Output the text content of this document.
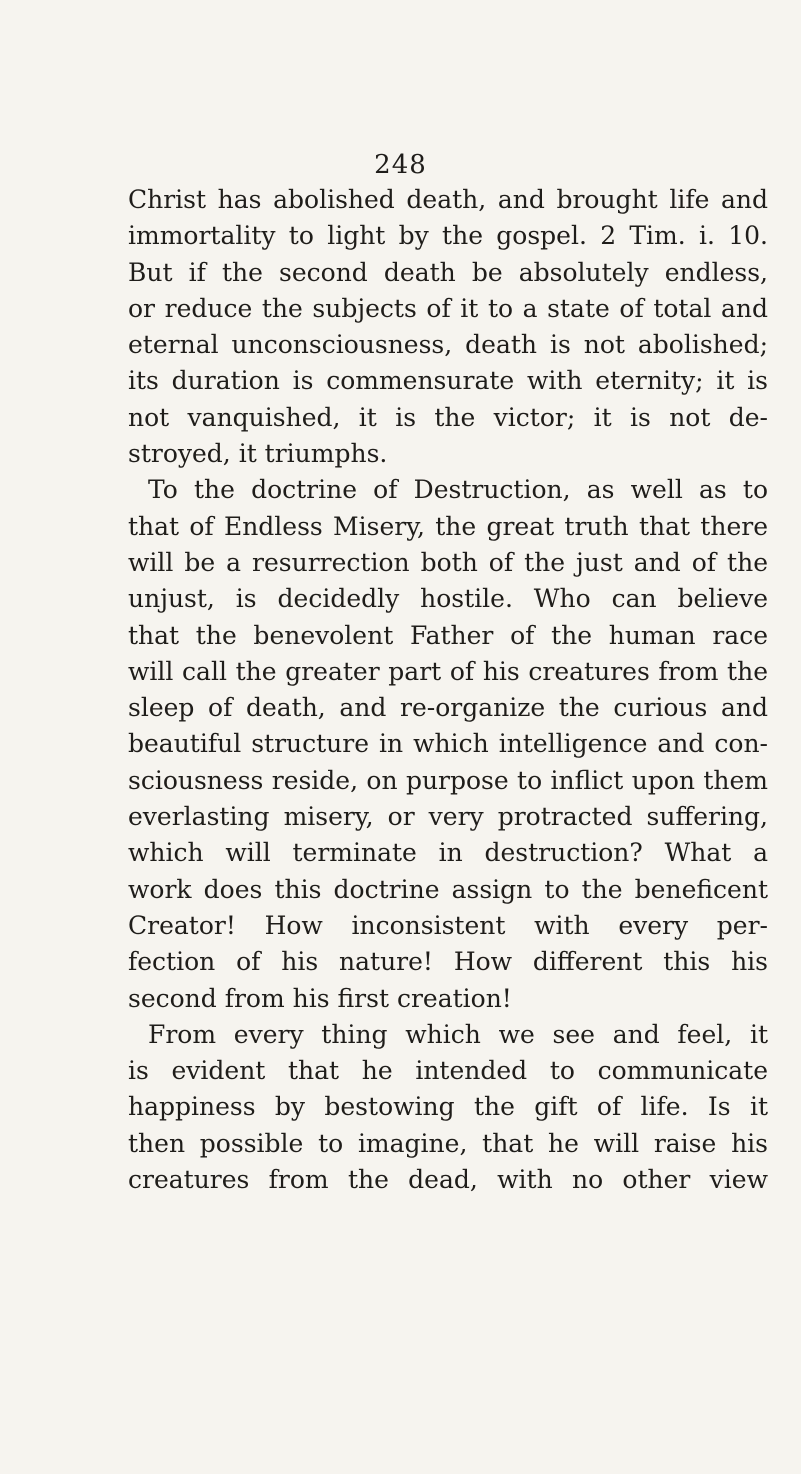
248
Christ has abolished death, and brought life and
immortality to light by the gospel. 2 Tim. i. 10.
But if the second death be absolutely endless,
or reduce the subjects of it to a state of total and
eternal unconsciousness, death is not abolished;
its duration is commensurate with eternity; it is
not vanquished, it is the victor; it is not de-
stroyed, it triumphs.
To the doctrine of Destruction, as well as to
that of Endless Misery, the great truth that there
will be a resurrection both of the just and of the
unjust, is decidedly hostile. Who can believe
that the benevolent Father of the human race
will call the greater part of his creatures from the
sleep of death, and re-organize the curious and
beautiful structure in which intelligence and con-
sciousness reside, on purpose to inflict upon them
everlasting misery, or very protracted suffering,
which will terminate in destruction? What a
work does this doctrine assign to the beneficent
Creator! How inconsistent with every per-
fection of his nature! How different this his
second from his first creation!
From every thing which we see and feel, it
is evident that he intended to communicate
happiness by bestowing the gift of life. Is it
then possible to imagine, that he will raise his
creatures from the dead, with no other view
